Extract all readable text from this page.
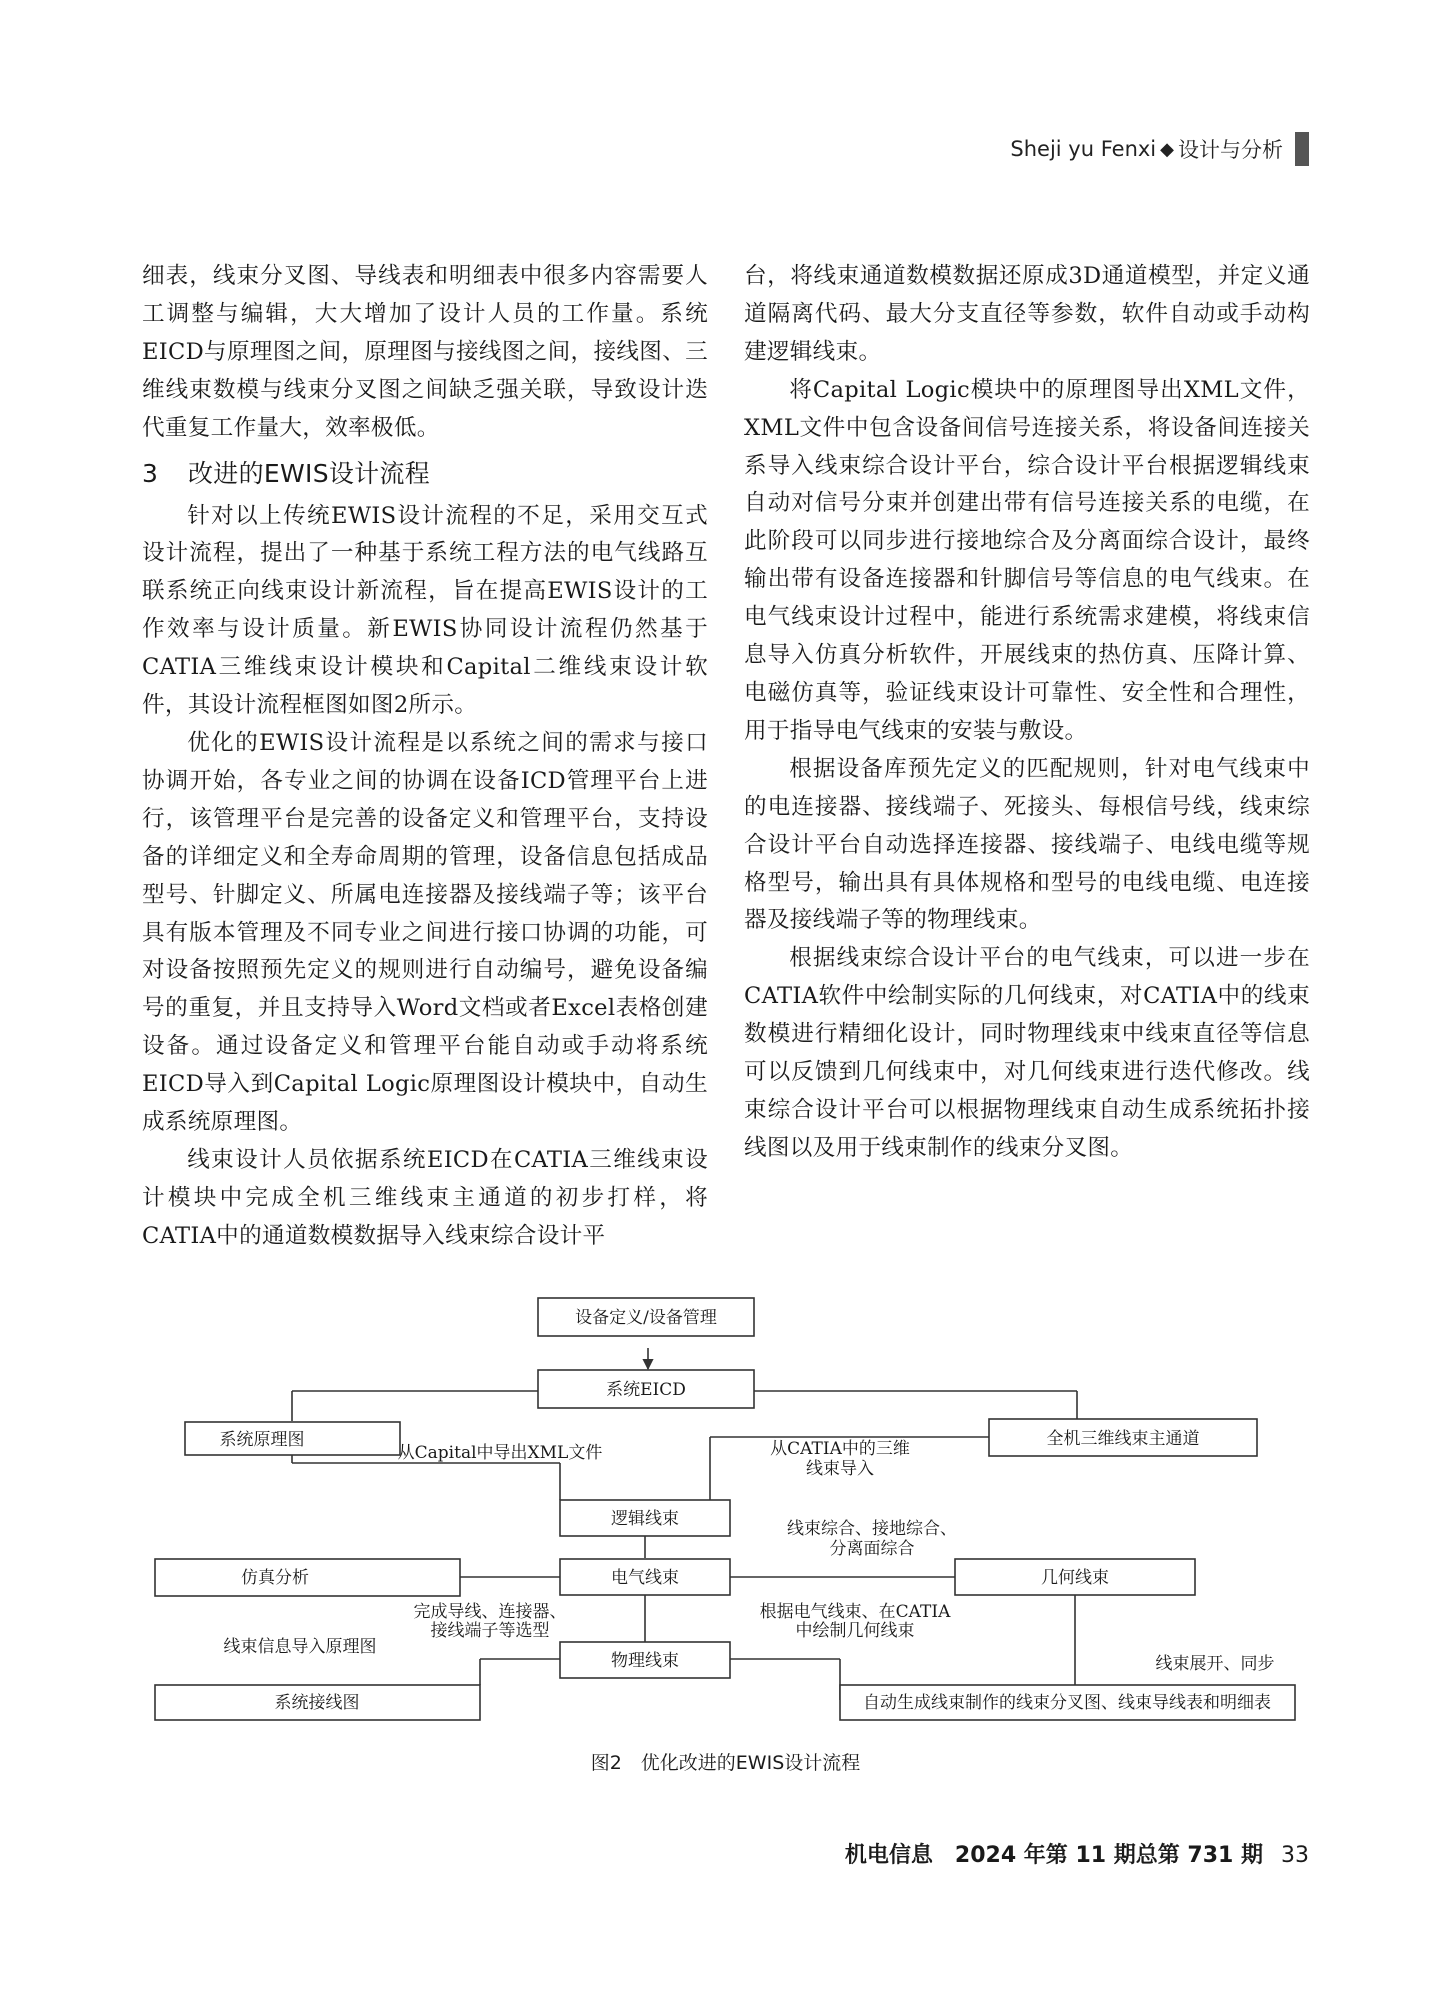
Sheji yu Fenxi ◆ 设计与分析

细表，线束分叉图、导线表和明细表中很多内容需要人工调整与编辑，大大增加了设计人员的工作量。系统EICD与原理图之间，原理图与接线图之间，接线图、三维线束数模与线束分叉图之间缺乏强关联，导致设计迭代重复工作量大，效率极低。

3 改进的EWIS设计流程

针对以上传统EWIS设计流程的不足，采用交互式设计流程，提出了一种基于系统工程方法的电气线路互联系统正向线束设计新流程，旨在提高EWIS设计的工作效率与设计质量。新EWIS协同设计流程仍然基于CATIA三维线束设计模块和Capital二维线束设计软件，其设计流程框图如图2所示。

优化的EWIS设计流程是以系统之间的需求与接口协调开始，各专业之间的协调在设备ICD管理平台上进行，该管理平台是完善的设备定义和管理平台，支持设备的详细定义和全寿命周期的管理，设备信息包括成品型号、针脚定义、所属电连接器及接线端子等；该平台具有版本管理及不同专业之间进行接口协调的功能，可对设备按照预先定义的规则进行自动编号，避免设备编号的重复，并且支持导入Word文档或者Excel表格创建设备。通过设备定义和管理平台能自动或手动将系统EICD导入到Capital Logic原理图设计模块中，自动生成系统原理图。

线束设计人员依据系统EICD在CATIA三维线束设计模块中完成全机三维线束主通道的初步打样，将CATIA中的通道数模数据导入线束综合设计平

台，将线束通道数模数据还原成3D通道模型，并定义通道隔离代码、最大分支直径等参数，软件自动或手动构建逻辑线束。

将Capital Logic模块中的原理图导出XML文件，XML文件中包含设备间信号连接关系，将设备间连接关系导入线束综合设计平台，综合设计平台根据逻辑线束自动对信号分束并创建出带有信号连接关系的电缆，在此阶段可以同步进行接地综合及分离面综合设计，最终输出带有设备连接器和针脚信号等信息的电气线束。在电气线束设计过程中，能进行系统需求建模，将线束信息导入仿真分析软件，开展线束的热仿真、压降计算、电磁仿真等，验证线束设计可靠性、安全性和合理性，用于指导电气线束的安装与敷设。

根据设备库预先定义的匹配规则，针对电气线束中的电连接器、接线端子、死接头、每根信号线，线束综合设计平台自动选择连接器、接线端子、电线电缆等规格型号，输出具有具体规格和型号的电线电缆、电连接器及接线端子等的物理线束。

根据线束综合设计平台的电气线束，可以进一步在CATIA软件中绘制实际的几何线束，对CATIA中的线束数模进行精细化设计，同时物理线束中线束直径等信息可以反馈到几何线束中，对几何线束进行迭代修改。线束综合设计平台可以根据物理线束自动生成系统拓扑接线图以及用于线束制作的线束分叉图。

设备定义/设备管理
系统EICD
系统原理图	全机三维线束主通道
逻辑线束
仿真分析	电气线束	几何线束
物理线束
系统接线图	自动生成线束制作的线束分叉图、线束导线表和明细表
从Capital中导出XML文件	从CATIA中的三维
线束导入
线束综合、接地综合、
分离面综合
完成导线、连接器、
接线端子等选型
线束信息导入原理图
根据电气线束、在CATIA
中绘制几何线束
线束展开、同步
图2　优化改进的EWIS设计流程
机电信息　2024 年第 11 期总第 731 期 33
